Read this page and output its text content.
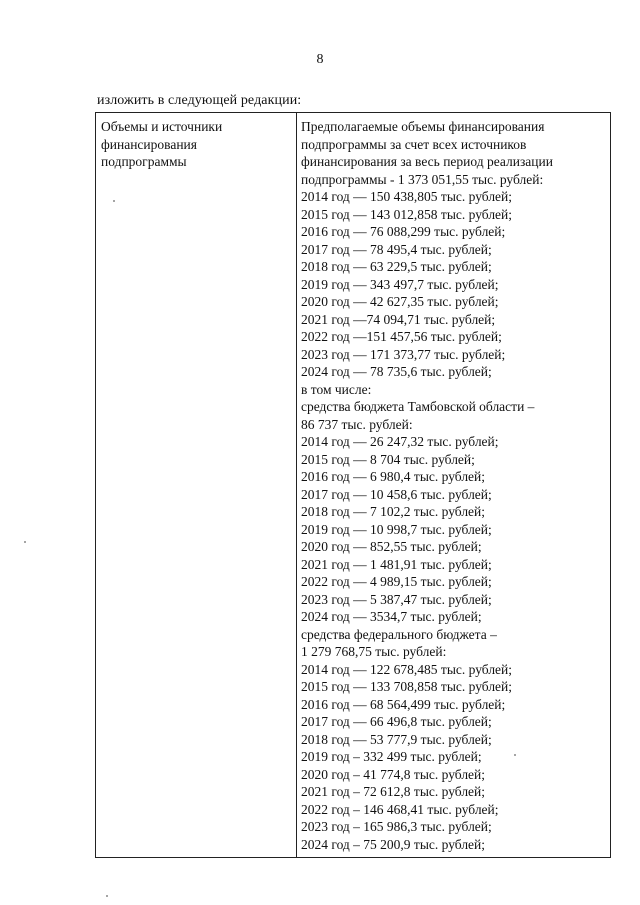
8
изложить в следующей редакции:
Объемы и источники
финансирования
подпрограммы
Предполагаемые объемы финансирования
подпрограммы за счет всех источников
финансирования за весь период реализации
подпрограммы - 1 373 051,55 тыс. рублей:
2014 год — 150 438,805 тыс. рублей;
2015 год — 143 012,858 тыс. рублей;
2016 год — 76 088,299 тыс. рублей;
2017 год — 78 495,4 тыс. рублей;
2018 год — 63 229,5 тыс. рублей;
2019 год — 343 497,7 тыс. рублей;
2020 год — 42 627,35 тыс. рублей;
2021 год —74 094,71 тыс. рублей;
2022 год —151 457,56 тыс. рублей;
2023 год — 171 373,77 тыс. рублей;
2024 год — 78 735,6 тыс. рублей;
в том числе:
средства бюджета Тамбовской области –
86 737 тыс. рублей:
2014 год — 26 247,32 тыс. рублей;
2015 год — 8 704 тыс. рублей;
2016 год — 6 980,4 тыс. рублей;
2017 год — 10 458,6 тыс. рублей;
2018 год — 7 102,2 тыс. рублей;
2019 год — 10 998,7 тыс. рублей;
2020 год — 852,55 тыс. рублей;
2021 год — 1 481,91 тыс. рублей;
2022 год — 4 989,15 тыс. рублей;
2023 год — 5 387,47 тыс. рублей;
2024 год — 3534,7 тыс. рублей;
средства федерального бюджета –
1 279 768,75 тыс. рублей:
2014 год — 122 678,485 тыс. рублей;
2015 год — 133 708,858 тыс. рублей;
2016 год — 68 564,499 тыс. рублей;
2017 год — 66 496,8 тыс. рублей;
2018 год — 53 777,9 тыс. рублей;
2019 год – 332 499 тыс. рублей;
2020 год – 41 774,8 тыс. рублей;
2021 год – 72 612,8 тыс. рублей;
2022 год – 146 468,41 тыс. рублей;
2023 год – 165 986,3 тыс. рублей;
2024 год – 75 200,9 тыс. рублей;
